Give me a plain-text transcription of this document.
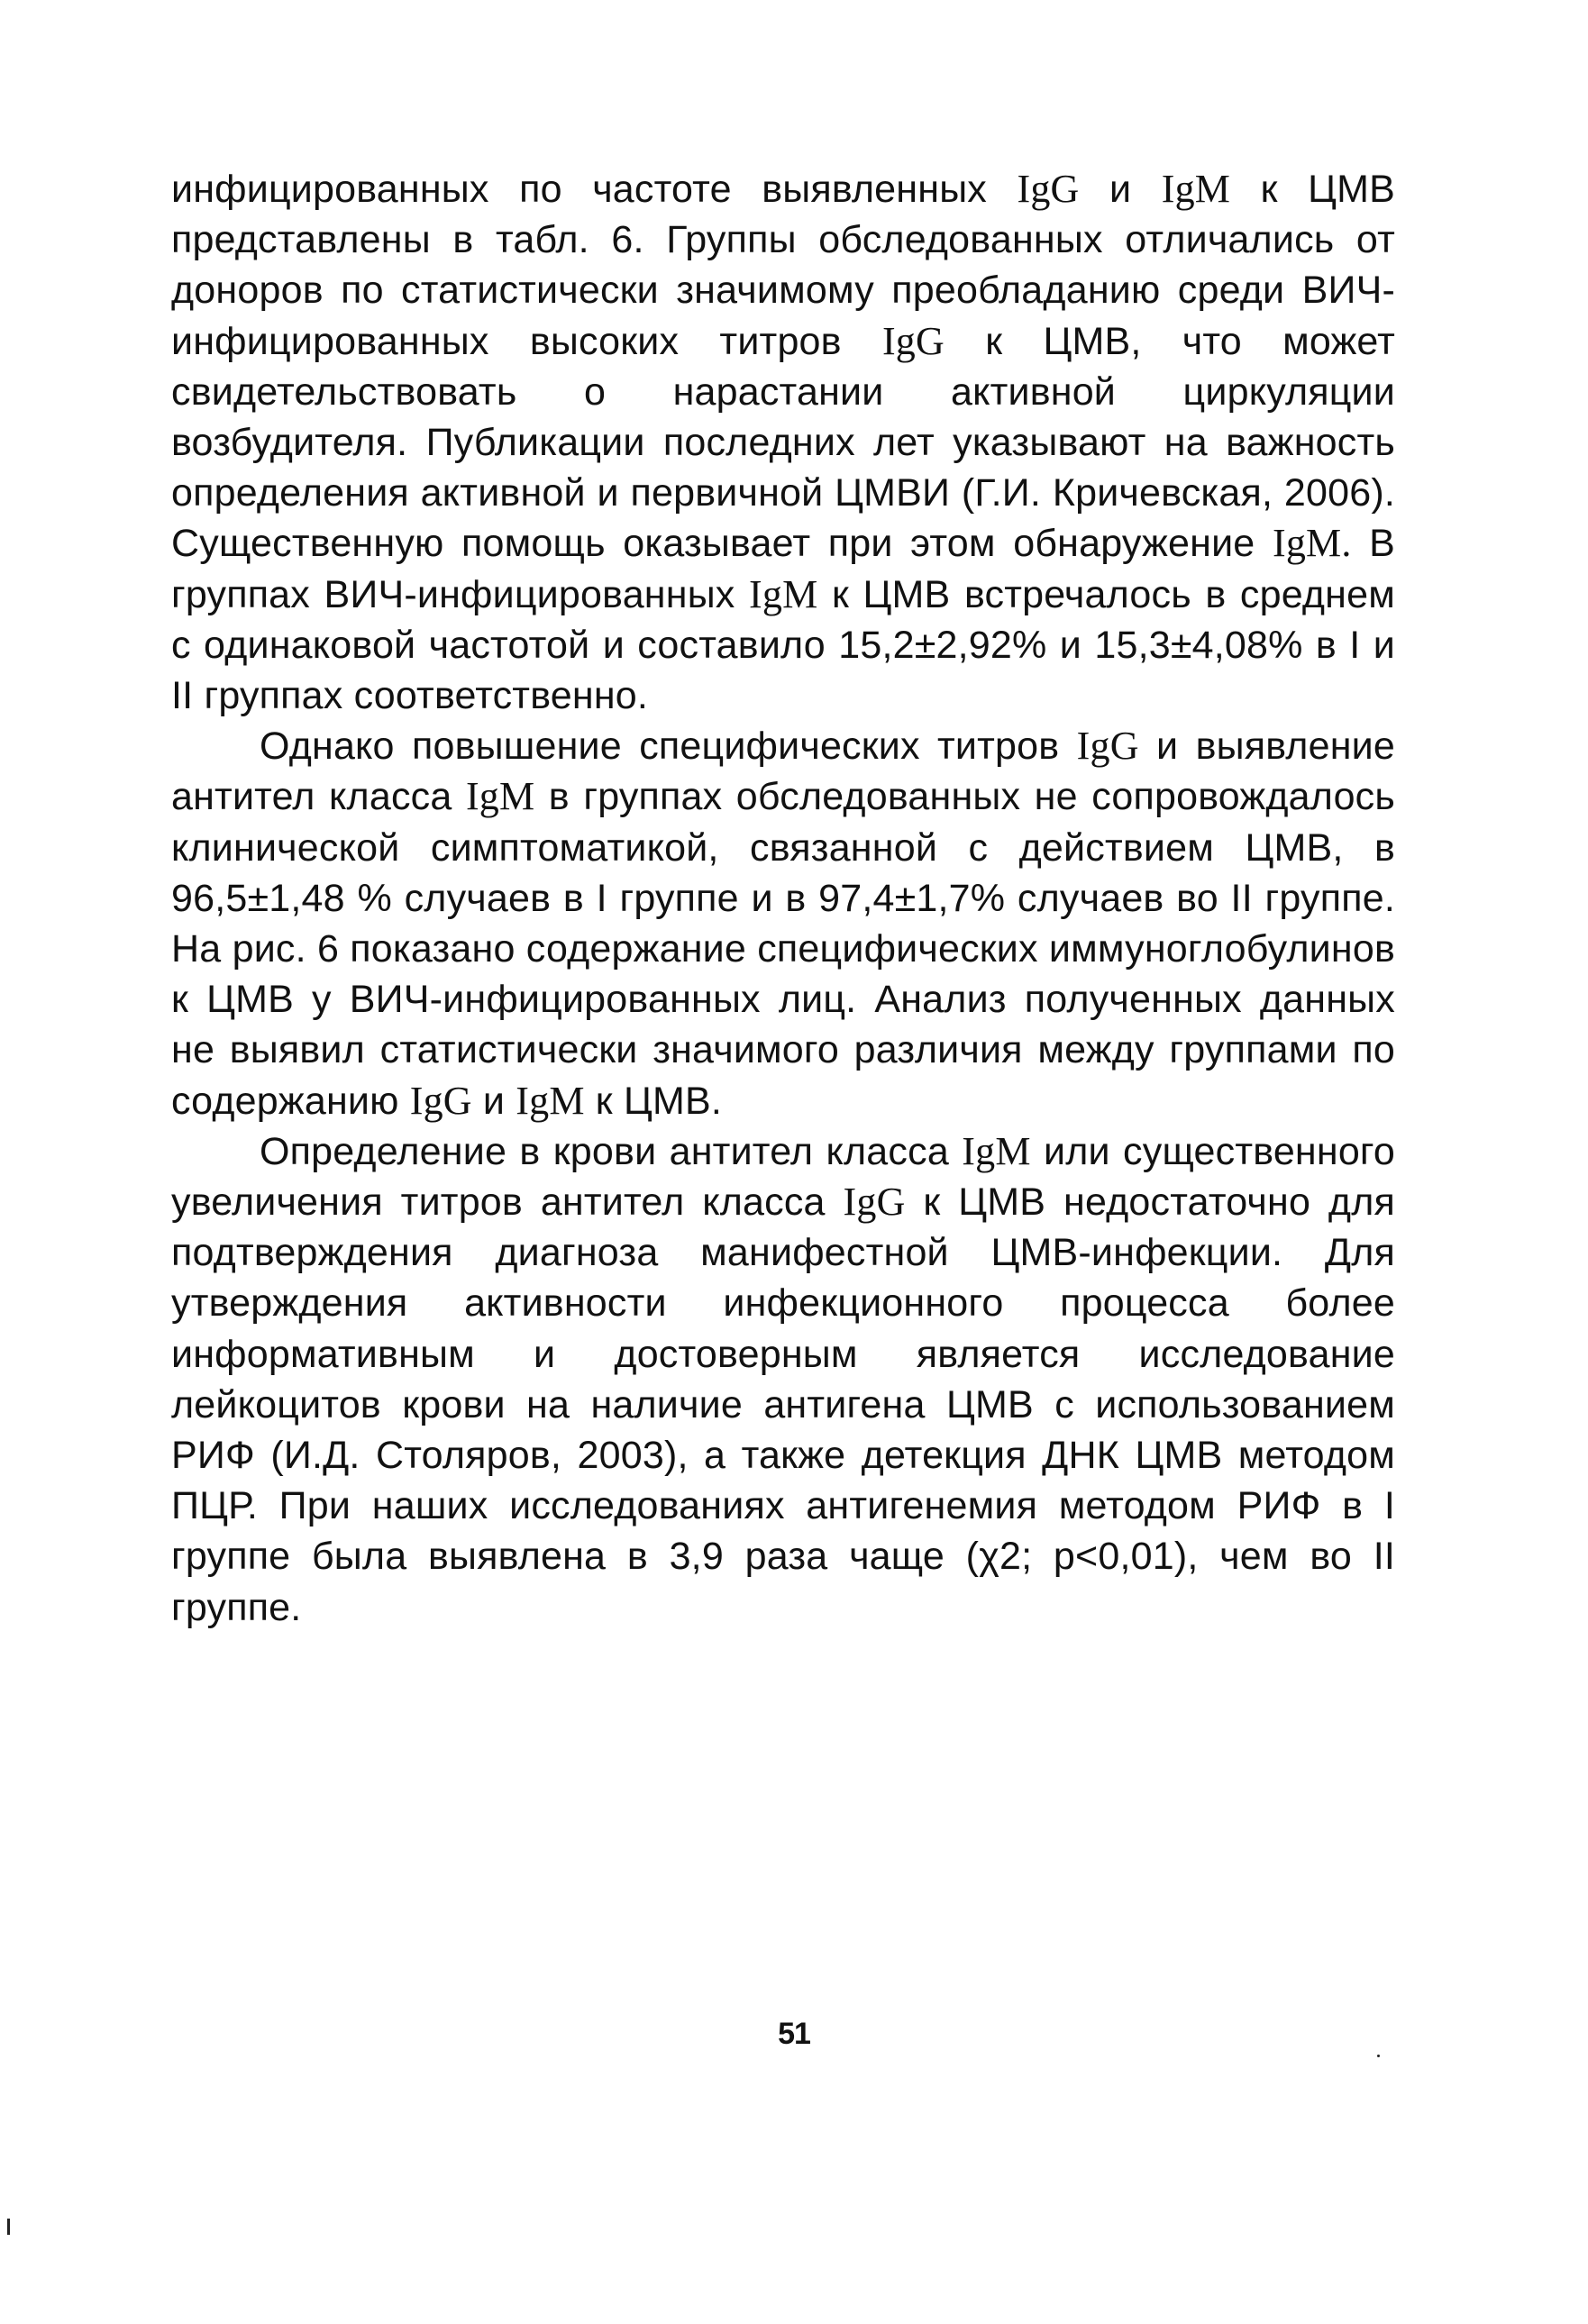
инфицированных по частоте выявленных IgG и IgM к ЦМВ представлены в табл. 6. Группы обследованных отличались от доноров по статистически значимому преобладанию среди ВИЧ-инфицированных высоких титров IgG к ЦМВ, что может свидетельствовать о нарастании активной циркуляции возбудителя. Публикации последних лет указывают на важность определения активной и первичной ЦМВИ (Г.И. Кричевская, 2006). Существенную помощь оказывает при этом обнаружение IgM. В группах ВИЧ-инфицированных IgM к ЦМВ встречалось в среднем с одинаковой частотой и составило 15,2±2,92% и 15,3±4,08% в I и II группах соответственно.

Однако повышение специфических титров IgG и выявление антител класса IgM в группах обследованных не сопровождалось клинической симптоматикой, связанной с действием ЦМВ, в 96,5±1,48 % случаев в I группе и в 97,4±1,7% случаев во II группе. На рис. 6 показано содержание специфических иммуноглобулинов к ЦМВ у ВИЧ-инфицированных лиц. Анализ полученных данных не выявил статистически значимого различия между группами по содержанию IgG и IgM к ЦМВ.

Определение в крови антител класса IgM или существенного увеличения титров антител класса IgG к ЦМВ недостаточно для подтверждения диагноза манифестной ЦМВ-инфекции. Для утверждения активности инфекционного процесса более информативным и достоверным является исследование лейкоцитов крови на наличие антигена ЦМВ с использованием РИФ (И.Д. Столяров, 2003), а также детекция ДНК ЦМВ методом ПЦР. При наших исследованиях антигенемия методом РИФ в I группе была выявлена в 3,9 раза чаще (χ2; p<0,01), чем во II группе.

51
